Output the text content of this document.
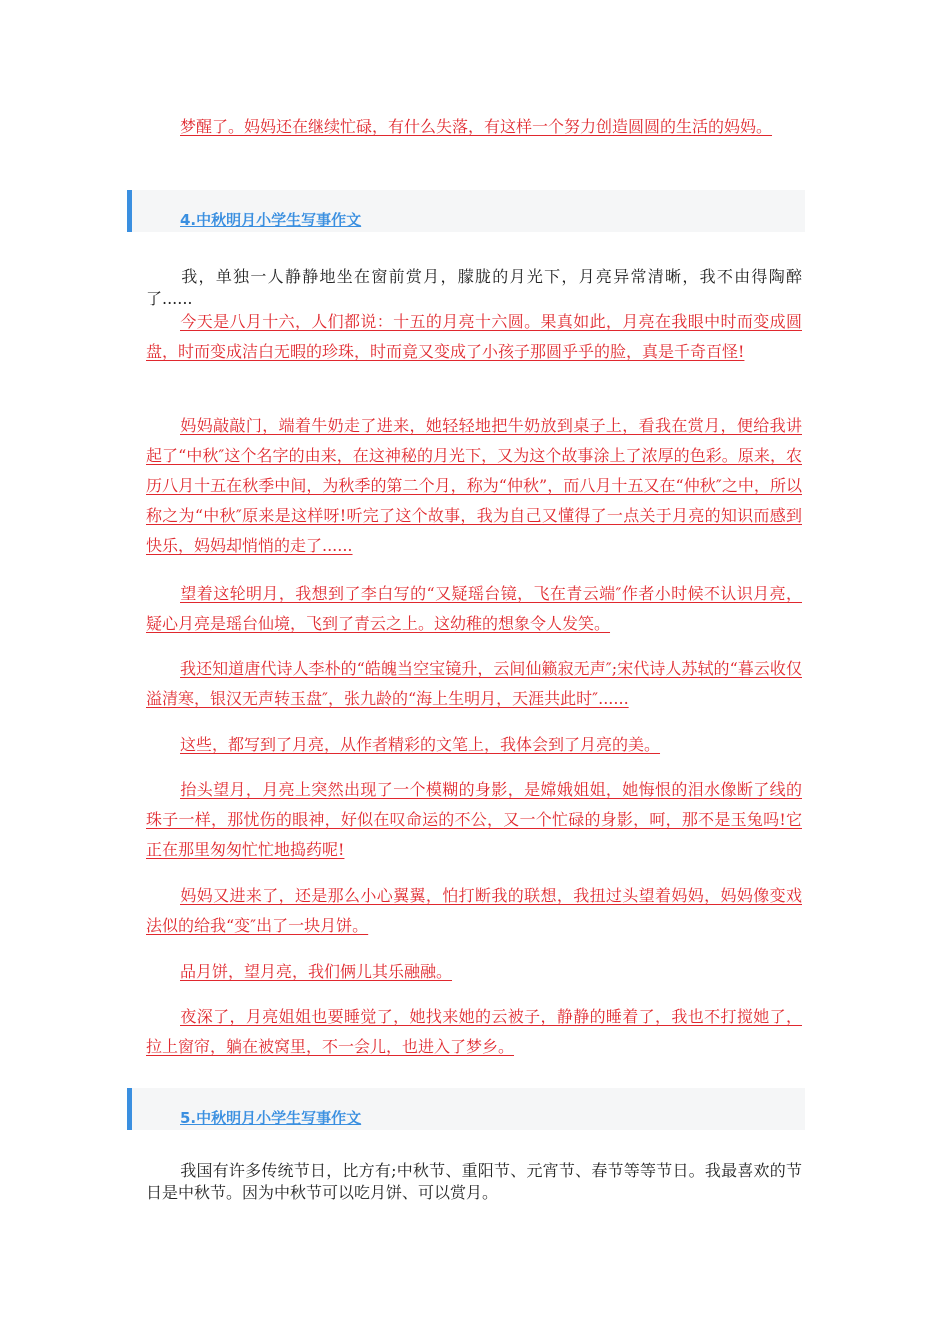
梦醒了。妈妈还在继续忙碌，有什么失落，有这样一个努力创造圆圆的生活的妈妈。

4.中秋明月小学生写事作文

我，单独一人静静地坐在窗前赏月，朦胧的月光下，月亮异常清晰，我不由得陶醉了......

今天是八月十六，人们都说：十五的月亮十六圆。果真如此，月亮在我眼中时而变成圆盘，时而变成洁白无暇的珍珠，时而竟又变成了小孩子那圆乎乎的脸，真是千奇百怪!

妈妈敲敲门，端着牛奶走了进来，她轻轻地把牛奶放到桌子上，看我在赏月，便给我讲起了“中秋″这个名字的由来，在这神秘的月光下，又为这个故事涂上了浓厚的色彩。原来，农历八月十五在秋季中间，为秋季的第二个月，称为“仲秋”，而八月十五又在“仲秋″之中，所以称之为“中秋″原来是这样呀!听完了这个故事，我为自己又懂得了一点关于月亮的知识而感到快乐，妈妈却悄悄的走了......

望着这轮明月，我想到了李白写的“又疑瑶台镜，飞在青云端″作者小时候不认识月亮，疑心月亮是瑶台仙境，飞到了青云之上。这幼稚的想象令人发笑。

我还知道唐代诗人李朴的“皓魄当空宝镜升，云间仙籁寂无声″;宋代诗人苏轼的“暮云收仅溢清寒，银汉无声转玉盘″，张九龄的“海上生明月，天涯共此时″......

这些，都写到了月亮，从作者精彩的文笔上，我体会到了月亮的美。

抬头望月，月亮上突然出现了一个模糊的身影，是嫦娥姐姐，她悔恨的泪水像断了线的珠子一样，那忧伤的眼神，好似在叹命运的不公，又一个忙碌的身影，呵，那不是玉兔吗!它正在那里匆匆忙忙地捣药呢!

妈妈又进来了，还是那么小心翼翼，怕打断我的联想，我扭过头望着妈妈，妈妈像变戏法似的给我“变″出了一块月饼。

品月饼，望月亮，我们俩儿其乐融融。

夜深了，月亮姐姐也要睡觉了，她找来她的云被子，静静的睡着了，我也不打搅她了，拉上窗帘，躺在被窝里，不一会儿，也进入了梦乡。

5.中秋明月小学生写事作文

我国有许多传统节日，比方有;中秋节、重阳节、元宵节、春节等等节日。我最喜欢的节日是中秋节。因为中秋节可以吃月饼、可以赏月。
